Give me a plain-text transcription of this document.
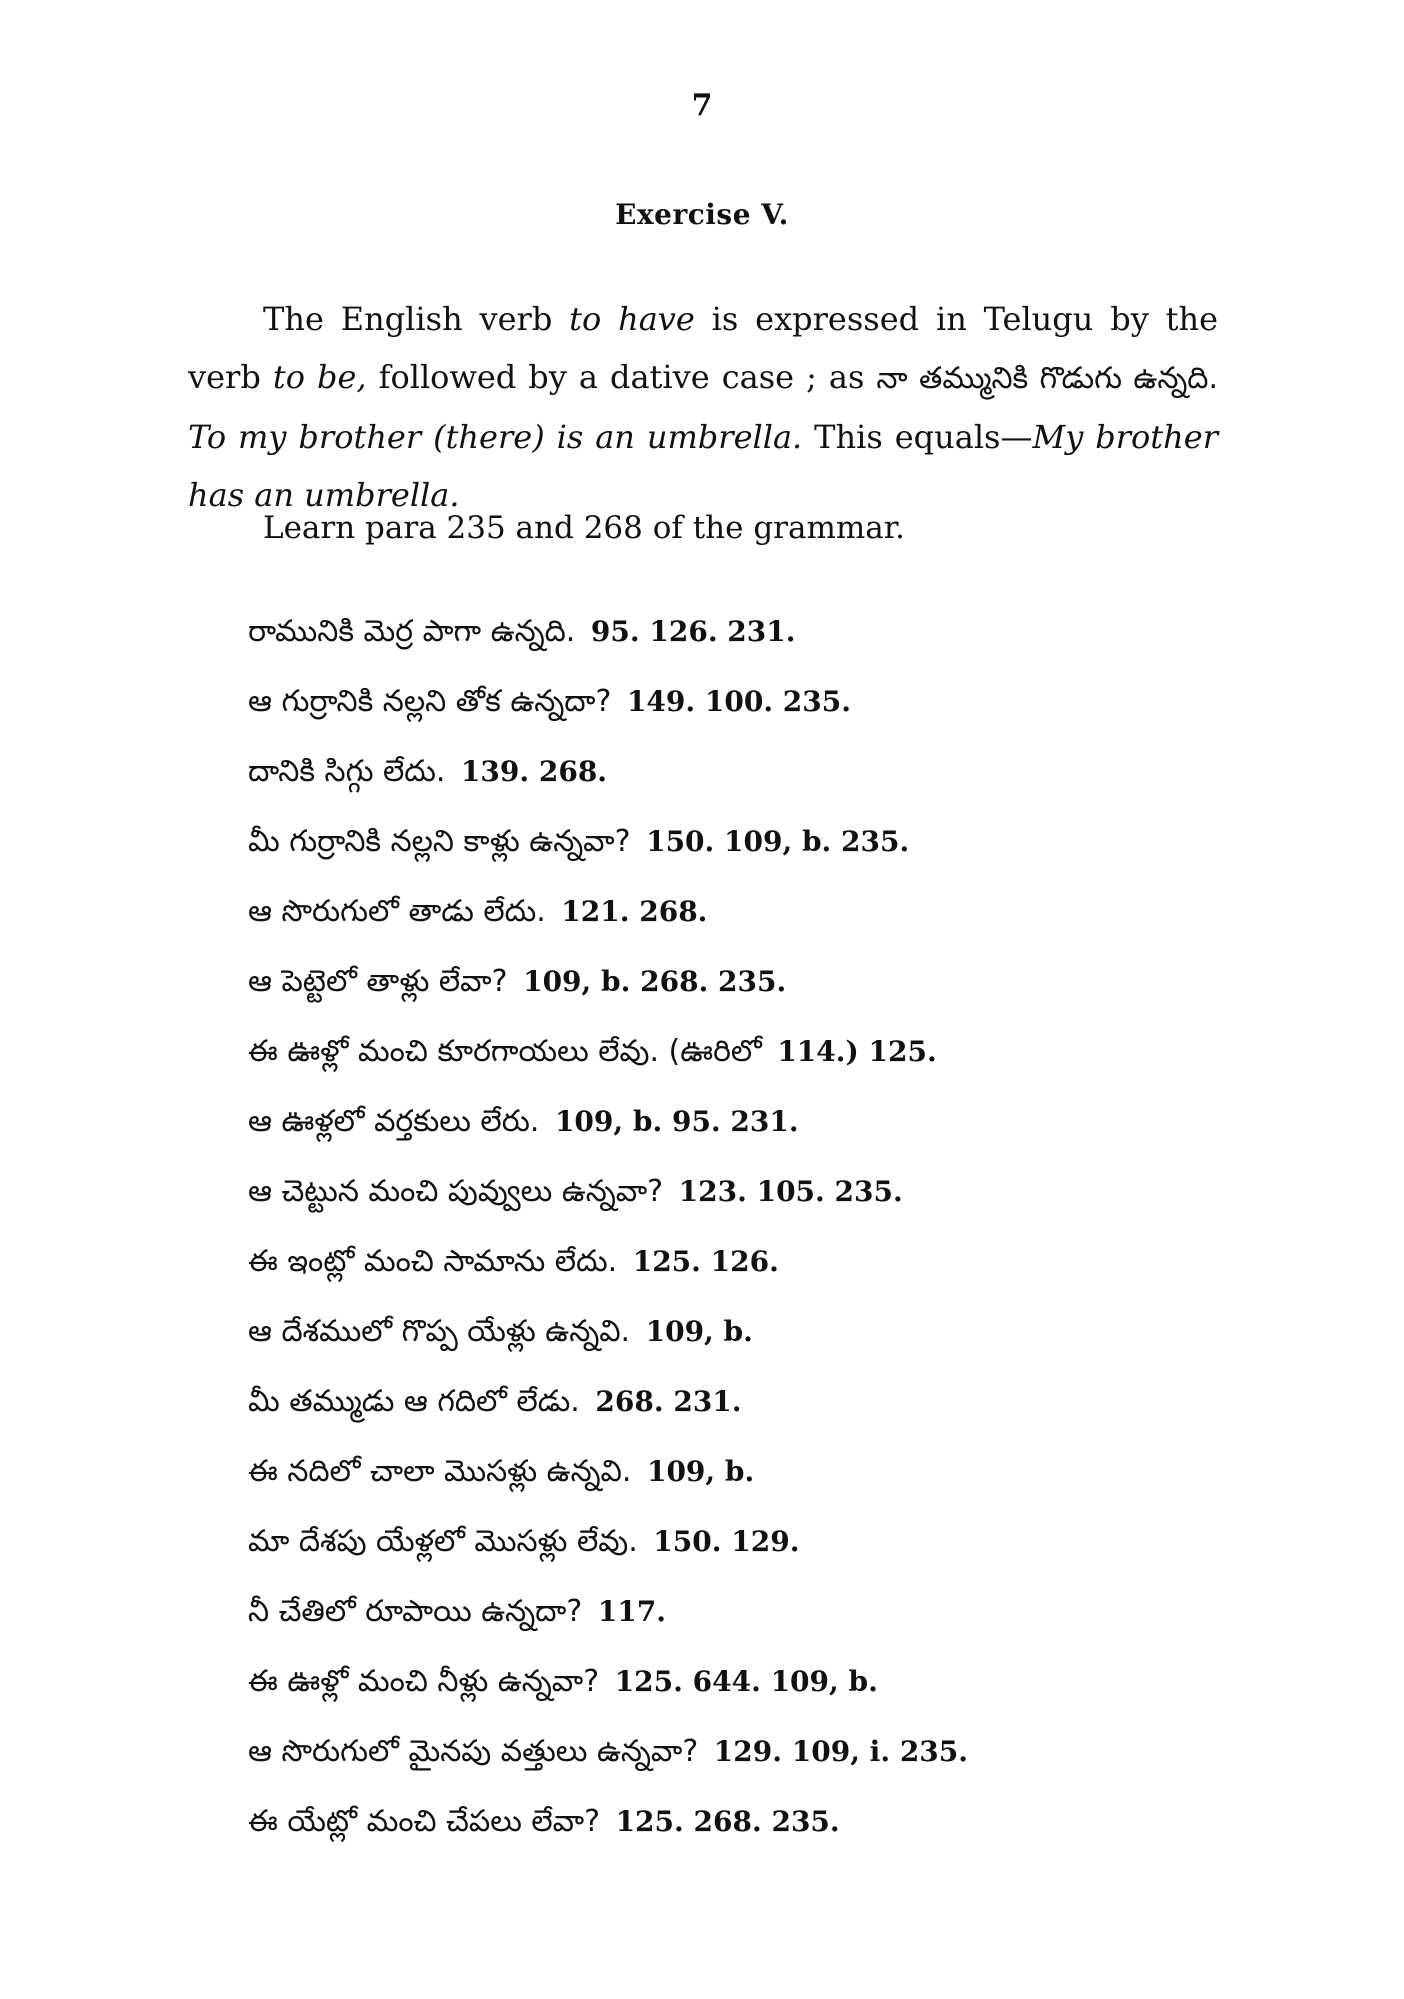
7
Exercise V.

The English verb to have is expressed in Telugu by the verb to be, followed by a dative case ; as నా తమ్మునికి గొడుగు ఉన్నది. To my brother (there) is an umbrella. This equals—My brother has an umbrella.

Learn para 235 and 268 of the grammar.
రామునికి మెర్ర పాగా ఉన్నది. 95. 126. 231.
ఆ గుర్రానికి నల్లని తోక ఉన్నదా? 149. 100. 235.
దానికి సిగ్గు లేదు. 139. 268.
మీ గుర్రానికి నల్లని కాళ్లు ఉన్నవా? 150. 109, b. 235.
ఆ సొరుగులో తాడు లేదు. 121. 268.
ఆ పెట్టెలో తాళ్లు లేవా? 109, b. 268. 235.
ఈ ఊళ్లో మంచి కూరగాయలు లేవు. (ఊరిలో 114.) 125.
ఆ ఊళ్లలో వర్తకులు లేరు. 109, b. 95. 231.
ఆ చెట్టున మంచి పువ్వులు ఉన్నవా? 123. 105. 235.
ఈ ఇంట్లో మంచి సామాను లేదు. 125. 126.
ఆ దేశములో గొప్ప యేళ్లు ఉన్నవి. 109, b.
మీ తమ్ముడు ఆ గదిలో లేడు. 268. 231.
ఈ నదిలో చాలా మొసళ్లు ఉన్నవి. 109, b.
మా దేశపు యేళ్లలో మొసళ్లు లేవు. 150. 129.
నీ చేతిలో రూపాయి ఉన్నదా? 117.
ఈ ఊళ్లో మంచి నీళ్లు ఉన్నవా? 125. 644. 109, b.
ఆ సొరుగులో మైనపు వత్తులు ఉన్నవా? 129. 109, i. 235.
ఈ యేట్లో మంచి చేపలు లేవా? 125. 268. 235.
